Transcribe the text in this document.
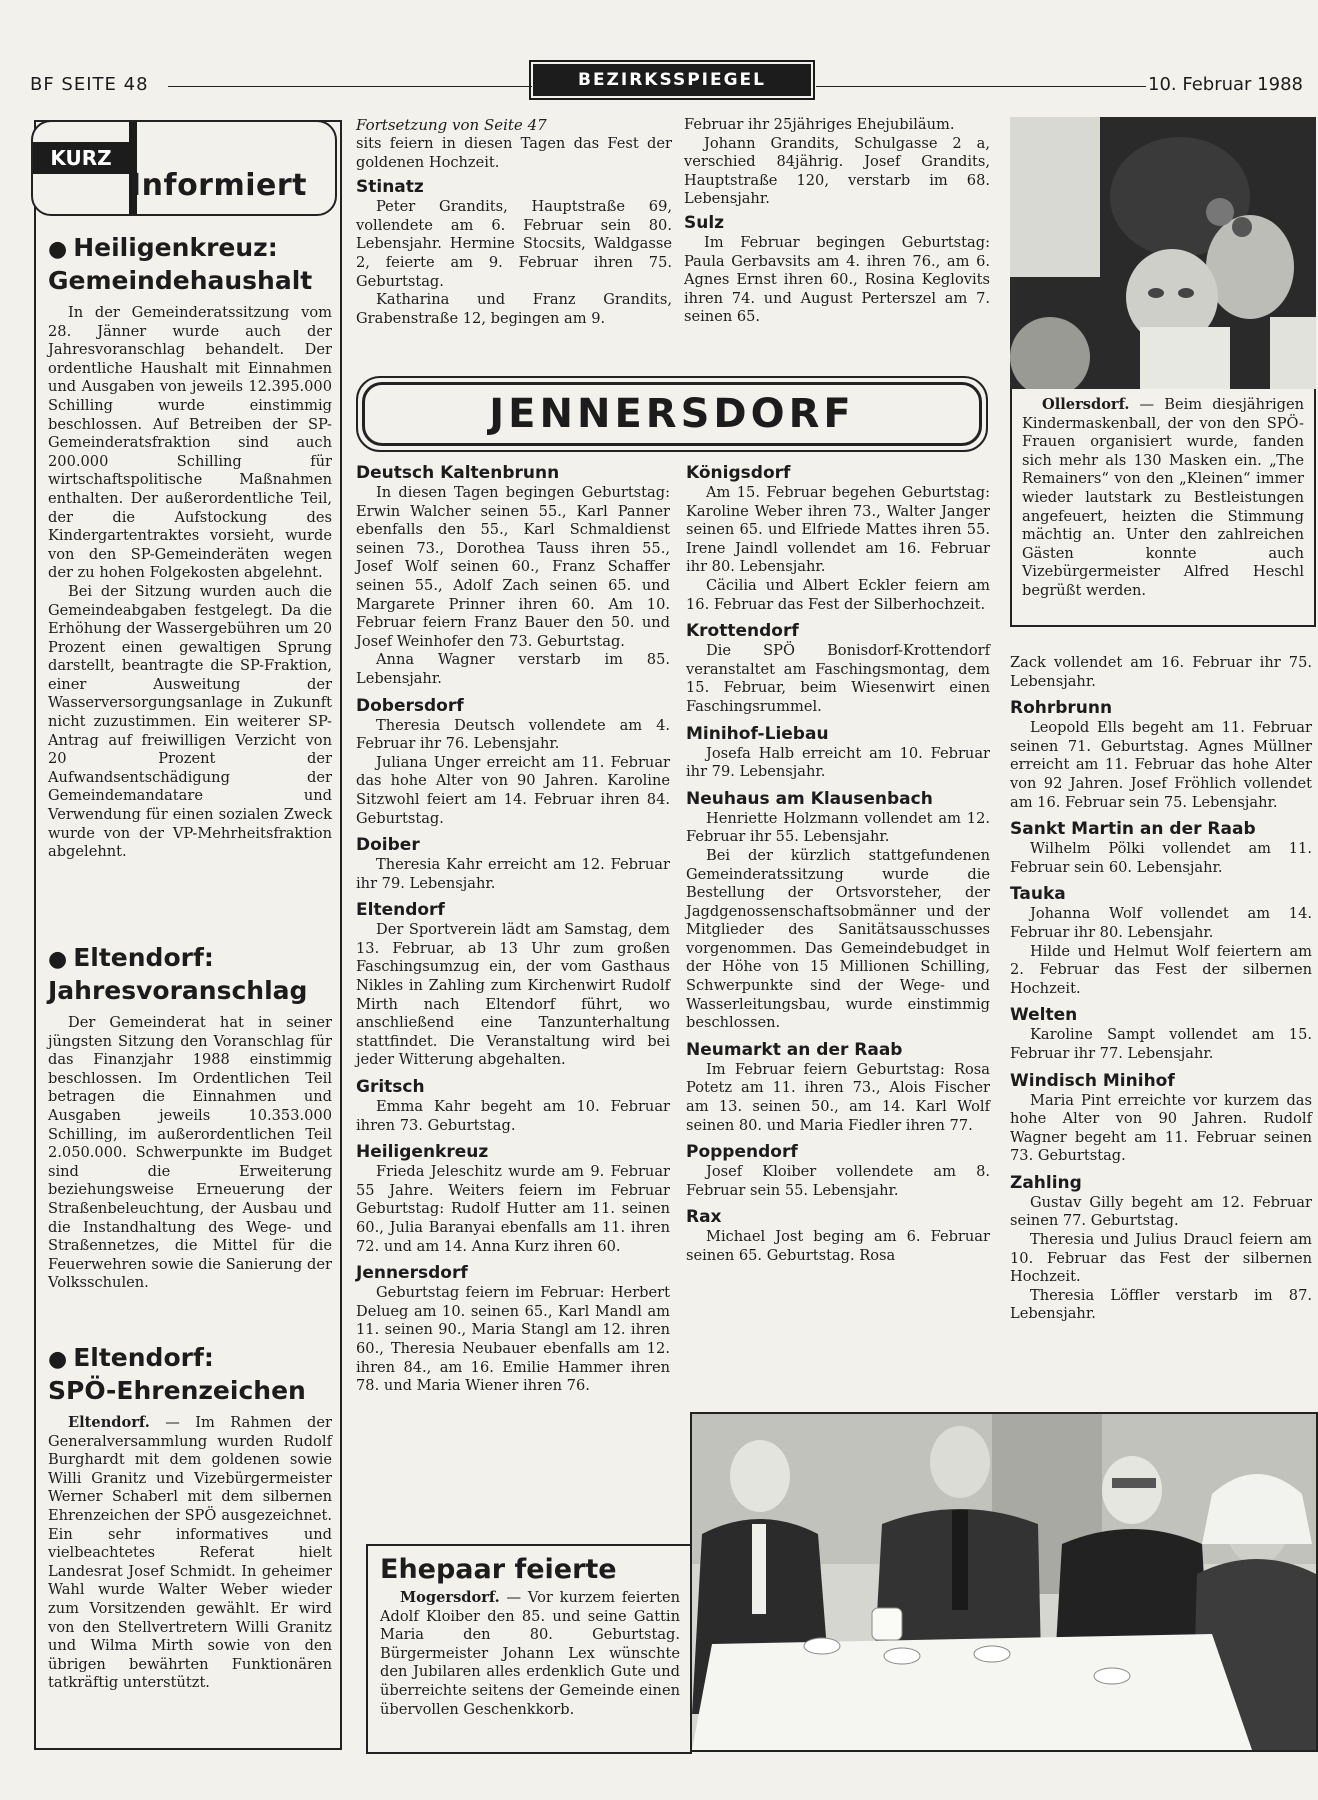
BF SEITE 48	BEZIRKSSPIEGEL	10. Februar 1988
KURZ
Informiert
● Heiligenkreuz:
Gemeindehaushalt

In der Gemeinderatssitzung vom 28. Jänner wurde auch der Jahresvoranschlag behandelt. Der ordentliche Haushalt mit Einnahmen und Ausgaben von jeweils 12.395.000 Schilling wurde einstimmig beschlossen. Auf Betreiben der SP-Gemeinderatsfraktion sind auch 200.000 Schilling für wirtschaftspolitische Maßnahmen enthalten. Der außerordentliche Teil, der die Aufstockung des Kindergartentraktes vorsieht, wurde von den SP-Gemeinderäten wegen der zu hohen Folgekosten abgelehnt.

Bei der Sitzung wurden auch die Gemeindeabgaben festgelegt. Da die Erhöhung der Wassergebühren um 20 Prozent einen gewaltigen Sprung darstellt, beantragte die SP-Fraktion, einer Ausweitung der Wasserversorgungsanlage in Zukunft nicht zuzustimmen. Ein weiterer SP-Antrag auf freiwilligen Verzicht von 20 Prozent der Aufwandsentschädigung der Gemeindemandatare und Verwendung für einen sozialen Zweck wurde von der VP-Mehrheitsfraktion abgelehnt.

● Eltendorf:
Jahresvoranschlag

Der Gemeinderat hat in seiner jüngsten Sitzung den Voranschlag für das Finanzjahr 1988 einstimmig beschlossen. Im Ordentlichen Teil betragen die Einnahmen und Ausgaben jeweils 10.353.000 Schilling, im außerordentlichen Teil 2.050.000. Schwerpunkte im Budget sind die Erweiterung beziehungsweise Erneuerung der Straßenbeleuchtung, der Ausbau und die Instandhaltung des Wege- und Straßennetzes, die Mittel für die Feuerwehren sowie die Sanierung der Volksschulen.

● Eltendorf:
SPÖ-Ehrenzeichen

Eltendorf. — Im Rahmen der Generalversammlung wurden Rudolf Burghardt mit dem goldenen sowie Willi Granitz und Vizebürgermeister Werner Schaberl mit dem silbernen Ehrenzeichen der SPÖ ausgezeichnet. Ein sehr informatives und vielbeachtetes Referat hielt Landesrat Josef Schmidt. In geheimer Wahl wurde Walter Weber wieder zum Vorsitzenden gewählt. Er wird von den Stellvertretern Willi Granitz und Wilma Mirth sowie von den übrigen bewährten Funktionären tatkräftig unterstützt.

Fortsetzung von Seite 47

sits feiern in diesen Tagen das Fest der goldenen Hochzeit.

Stinatz

Peter Grandits, Hauptstraße 69, vollendete am 6. Februar sein 80. Lebensjahr. Hermine Stocsits, Waldgasse 2, feierte am 9. Februar ihren 75. Geburtstag.

Katharina und Franz Grandits, Grabenstraße 12, begingen am 9.

Februar ihr 25jähriges Ehejubiläum.

Johann Grandits, Schulgasse 2 a, verschied 84jährig. Josef Grandits, Hauptstraße 120, verstarb im 68. Lebensjahr.

Sulz

Im Februar begingen Geburtstag: Paula Gerbavsits am 4. ihren 76., am 6. Agnes Ernst ihren 60., Rosina Keglovits ihren 74. und August Perterszel am 7. seinen 65.

JENNERSDORF
Deutsch Kaltenbrunn

In diesen Tagen begingen Geburtstag: Erwin Walcher seinen 55., Karl Panner ebenfalls den 55., Karl Schmaldienst seinen 73., Dorothea Tauss ihren 55., Josef Wolf seinen 60., Franz Schaffer seinen 55., Adolf Zach seinen 65. und Margarete Prinner ihren 60. Am 10. Februar feiern Franz Bauer den 50. und Josef Weinhofer den 73. Geburtstag.

Anna Wagner verstarb im 85. Lebensjahr.

Dobersdorf

Theresia Deutsch vollendete am 4. Februar ihr 76. Lebensjahr.

Juliana Unger erreicht am 11. Februar das hohe Alter von 90 Jahren. Karoline Sitzwohl feiert am 14. Februar ihren 84. Geburtstag.

Doiber

Theresia Kahr erreicht am 12. Februar ihr 79. Lebensjahr.

Eltendorf

Der Sportverein lädt am Samstag, dem 13. Februar, ab 13 Uhr zum großen Faschingsumzug ein, der vom Gasthaus Nikles in Zahling zum Kirchenwirt Rudolf Mirth nach Eltendorf führt, wo anschließend eine Tanzunterhaltung stattfindet. Die Veranstaltung wird bei jeder Witterung abgehalten.

Gritsch

Emma Kahr begeht am 10. Februar ihren 73. Geburtstag.

Heiligenkreuz

Frieda Jeleschitz wurde am 9. Februar 55 Jahre. Weiters feiern im Februar Geburtstag: Rudolf Hutter am 11. seinen 60., Julia Baranyai ebenfalls am 11. ihren 72. und am 14. Anna Kurz ihren 60.

Jennersdorf

Geburtstag feiern im Februar: Herbert Delueg am 10. seinen 65., Karl Mandl am 11. seinen 90., Maria Stangl am 12. ihren 60., Theresia Neubauer ebenfalls am 12. ihren 84., am 16. Emilie Hammer ihren 78. und Maria Wiener ihren 76.

Königsdorf

Am 15. Februar begehen Geburtstag: Karoline Weber ihren 73., Walter Janger seinen 65. und Elfriede Mattes ihren 55. Irene Jaindl vollendet am 16. Februar ihr 80. Lebensjahr.

Cäcilia und Albert Eckler feiern am 16. Februar das Fest der Silberhochzeit.

Krottendorf

Die SPÖ Bonisdorf-Krottendorf veranstaltet am Faschingsmontag, dem 15. Februar, beim Wiesenwirt einen Faschingsrummel.

Minihof-Liebau

Josefa Halb erreicht am 10. Februar ihr 79. Lebensjahr.

Neuhaus am Klausenbach

Henriette Holzmann vollendet am 12. Februar ihr 55. Lebensjahr.

Bei der kürzlich stattgefundenen Gemeinderatssitzung wurde die Bestellung der Ortsvorsteher, der Jagdgenossenschaftsobmänner und der Mitglieder des Sanitätsausschusses vorgenommen. Das Gemeindebudget in der Höhe von 15 Millionen Schilling, Schwerpunkte sind der Wege- und Wasserleitungsbau, wurde einstimmig beschlossen.

Neumarkt an der Raab

Im Februar feiern Geburtstag: Rosa Potetz am 11. ihren 73., Alois Fischer am 13. seinen 50., am 14. Karl Wolf seinen 80. und Maria Fiedler ihren 77.

Poppendorf

Josef Kloiber vollendete am 8. Februar sein 55. Lebensjahr.

Rax

Michael Jost beging am 6. Februar seinen 65. Geburtstag. Rosa

Ollersdorf. — Beim diesjährigen Kindermaskenball, der von den SPÖ-Frauen organisiert wurde, fanden sich mehr als 130 Masken ein. „The Remainers“ von den „Kleinen“ immer wieder lautstark zu Bestleistungen angefeuert, heizten die Stimmung mächtig an. Unter den zahlreichen Gästen konnte auch Vizebürgermeister Alfred Heschl begrüßt werden.

Zack vollendet am 16. Februar ihr 75. Lebensjahr.

Rohrbrunn

Leopold Ells begeht am 11. Februar seinen 71. Geburtstag. Agnes Müllner erreicht am 11. Februar das hohe Alter von 92 Jahren. Josef Fröhlich vollendet am 16. Februar sein 75. Lebensjahr.

Sankt Martin an der Raab

Wilhelm Pölki vollendet am 11. Februar sein 60. Lebensjahr.

Tauka

Johanna Wolf vollendet am 14. Februar ihr 80. Lebensjahr.

Hilde und Helmut Wolf feiertern am 2. Februar das Fest der silbernen Hochzeit.

Welten

Karoline Sampt vollendet am 15. Februar ihr 77. Lebensjahr.

Windisch Minihof

Maria Pint erreichte vor kurzem das hohe Alter von 90 Jahren. Rudolf Wagner begeht am 11. Februar seinen 73. Geburtstag.

Zahling

Gustav Gilly begeht am 12. Februar seinen 77. Geburtstag.

Theresia und Julius Draucl feiern am 10. Februar das Fest der silbernen Hochzeit.

Theresia Löffler verstarb im 87. Lebensjahr.

Ehepaar feierte

Mogersdorf. — Vor kurzem feierten Adolf Kloiber den 85. und seine Gattin Maria den 80. Geburtstag. Bürgermeister Johann Lex wünschte den Jubilaren alles erdenklich Gute und überreichte seitens der Gemeinde einen übervollen Geschenkkorb.
